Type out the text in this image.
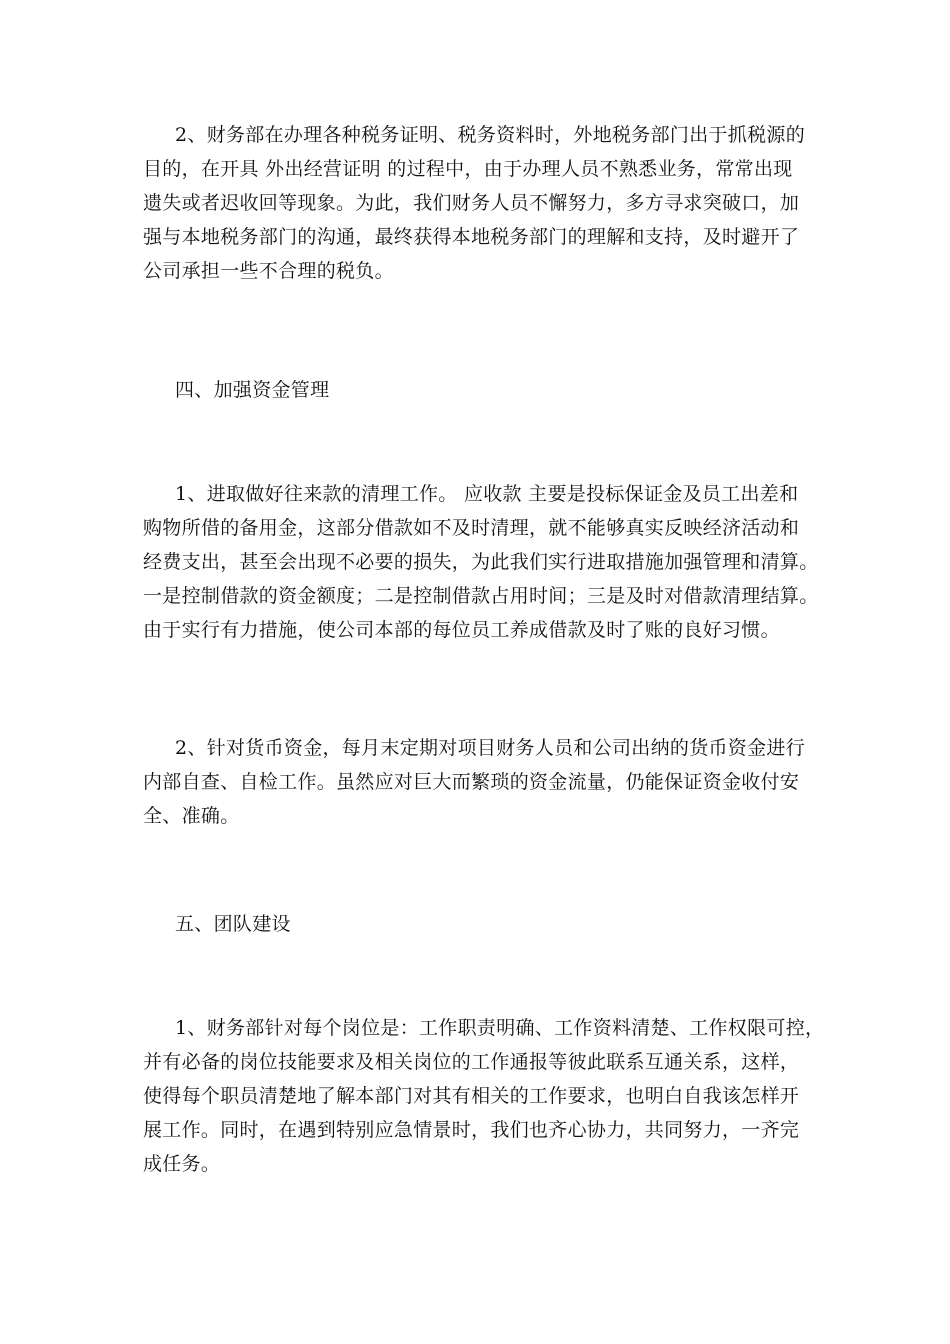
2、财务部在办理各种税务证明、税务资料时，外地税务部门出于抓税源的
目的，在开具 外出经营证明 的过程中，由于办理人员不熟悉业务，常常出现
遗失或者迟收回等现象。为此，我们财务人员不懈努力，多方寻求突破口，加
强与本地税务部门的沟通，最终获得本地税务部门的理解和支持，及时避开了
公司承担一些不合理的税负。
四、加强资金管理
1、进取做好往来款的清理工作。 应收款 主要是投标保证金及员工出差和
购物所借的备用金，这部分借款如不及时清理，就不能够真实反映经济活动和
经费支出，甚至会出现不必要的损失，为此我们实行进取措施加强管理和清算。
一是控制借款的资金额度；二是控制借款占用时间；三是及时对借款清理结算。
由于实行有力措施，使公司本部的每位员工养成借款及时了账的良好习惯。
2、针对货币资金，每月末定期对项目财务人员和公司出纳的货币资金进行
内部自查、自检工作。虽然应对巨大而繁琐的资金流量，仍能保证资金收付安
全、准确。
五、团队建设
1、财务部针对每个岗位是：工作职责明确、工作资料清楚、工作权限可控，
并有必备的岗位技能要求及相关岗位的工作通报等彼此联系互通关系，这样，
使得每个职员清楚地了解本部门对其有相关的工作要求，也明白自我该怎样开
展工作。同时，在遇到特别应急情景时，我们也齐心协力，共同努力，一齐完
成任务。
